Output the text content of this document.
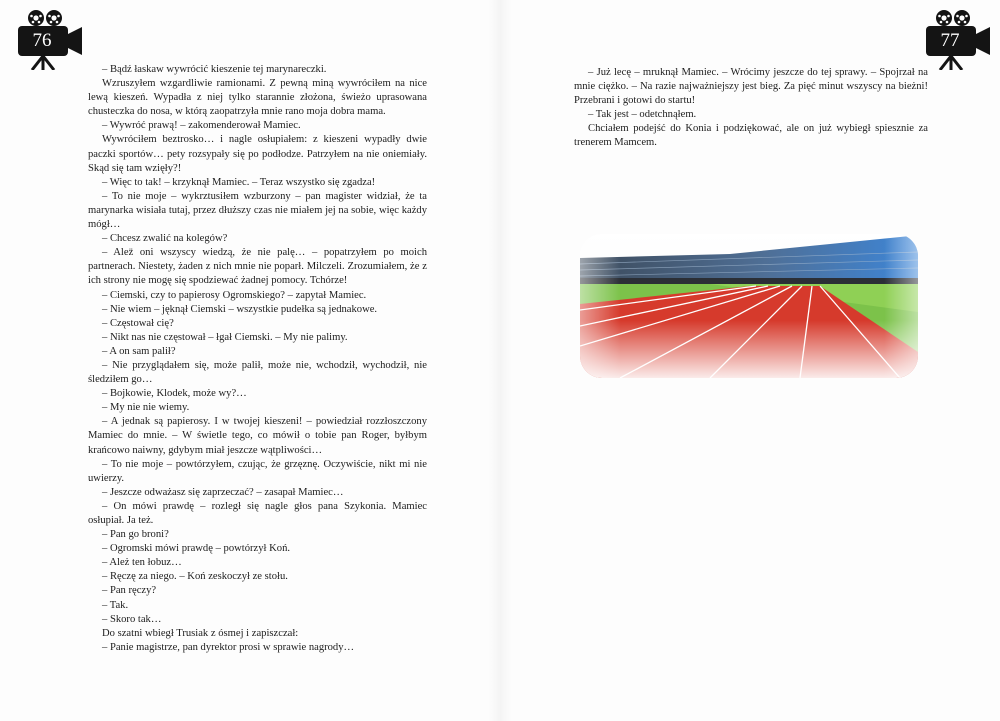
76

– Bądź łaskaw wywrócić kieszenie tej marynareczki.

Wzruszyłem wzgardliwie ramionami. Z pewną miną wywróciłem na nice lewą kieszeń. Wypadła z niej tylko starannie złożona, świeżo uprasowana chusteczka do nosa, w którą zaopatrzyła mnie rano moja dobra mama.

– Wywróć prawą! – zakomenderował Mamiec.

Wywróciłem beztrosko… i nagle osłupiałem: z kieszeni wypadły dwie paczki sportów… pety rozsypały się po podłodze. Patrzyłem na nie oniemiały. Skąd się tam wzięły?!

– Więc to tak! – krzyknął Mamiec. – Teraz wszystko się zgadza!

– To nie moje – wykrztusiłem wzburzony – pan magister widział, że ta marynarka wisiała tutaj, przez dłuższy czas nie miałem jej na sobie, więc każdy mógł…

– Chcesz zwalić na kolegów?

– Alez̈ oni wszyscy wiedzą, że nie palę… – popatrzyłem po moich partnerach. Niestety, żaden z nich mnie nie poparł. Milczeli. Zrozumiałem, że z ich strony nie mogę się spodziewać żadnej pomocy. Tchórze!

– Ciemski, czy to papierosy Ogromskiego? – zapytał Mamiec.

– Nie wiem – jęknął Ciemski – wszystkie pudełka są jednakowe.

– Częstował cię?

– Nikt nas nie częstował – łgał Ciemski. – My nie palimy.

– A on sam palił?

– Nie przyglądałem się, może palił, może nie, wchodził, wychodził, nie śledziłem go…

– Bojkowie, Klodek, może wy?…

– My nie nie wiemy.

– A jednak są papierosy. I w twojej kieszeni! – powiedział rozzłoszczony Mamiec do mnie. – W świetle tego, co mówił o tobie pan Roger, byłbym krańcowo naiwny, gdybym miał jeszcze wątpliwości…

– To nie moje – powtórzyłem, czując, że grzęznę. Oczywiście, nikt mi nie uwierzy.

– Jeszcze odważasz się zaprzeczać? – zasapał Mamiec…

– On mówi prawdę – rozległ się nagle głos pana Szykonia. Mamiec osłupiał. Ja też.

– Pan go broni?

– Ogromski mówi prawdę – powtórzył Koń.

– Ależ ten łobuz…

– Ręczę za niego. – Koń zeskoczył ze stołu.

– Pan ręczy?

– Tak.

– Skoro tak…

Do szatni wbiegł Trusiak z ósmej i zapiszczał:

– Panie magistrze, pan dyrektor prosi w sprawie nagrody…

77

– Już lecę – mruknął Mamiec. – Wrócimy jeszcze do tej sprawy. – Spojrzał na mnie ciężko. – Na razie najważniejszy jest bieg. Za pięć minut wszyscy na bieżni! Przebrani i gotowi do startu!

– Tak jest – odetchnąłem.

Chciałem podejść do Konia i podziękować, ale on już wybiegł spiesznie za trenerem Mamcem.
